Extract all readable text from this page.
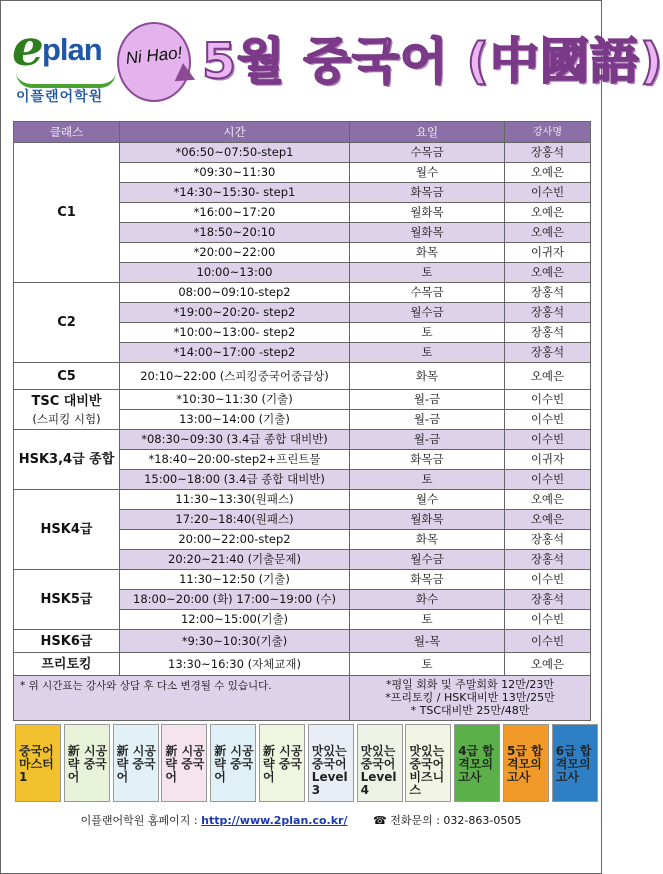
e
plan
이플랜어학원
Ni Hao! 5월 중국어 (中國語)
클래스	시간	요일	강사명
C1	*06:50~07:50-step1	수목금	장홍석
	*09:30~11:30	월수	오예은
	*14:30~15:30- step1	화목금	이수빈
	*16:00~17:20	월화목	오예은
	*18:50~20:10	월화목	오예은
	*20:00~22:00	화목	이귀자
	10:00~13:00	토	오예은
C2	08:00~09:10-step2	수목금	장홍석
	*19:00~20:20- step2	월수금	장홍석
	*10:00~13:00- step2	토	장홍석
	*14:00~17:00 -step2	토	장홍석
C5	20:10~22:00 (스피킹중국어중급상)	화목	오예은

TSC 대비반
(스피킹 시험)	*10:30~11:30 (기출)	월-금	이수빈
	13:00~14:00 (기출)	월-금	이수빈
HSK3,4급 종합	*08:30~09:30 (3.4급 종합 대비반)	월-금	이수빈
	*18:40~20:00-step2+프린트물	화목금	이귀자
	15:00~18:00 (3.4급 종합 대비반)	토	이수빈
HSK4급	11:30~13:30(원패스)	월수	오예은
	17:20~18:40(원패스)	월화목	오예은
	20:00~22:00-step2	화목	장홍석
	20:20~21:40 (기출문제)	월수금	장홍석
HSK5급	11:30~12:50 (기출)	화목금	이수빈
	18:00~20:00 (화) 17:00~19:00 (수)	화수	장홍석
	12:00~15:00(기출)	토	이수빈
HSK6급	*9:30~10:30(기출)	월-목	이수빈
프리토킹	13:30~16:30 (자체교재)	토	오예은
* 위 시간표는 강사와 상담 후 다소 변경될 수 있습니다.		*평일 회화 및 주말회화 12만/23만
*프리토킹 / HSK대비반 13만/25만
* TSC대비반 25만/48만	
중국어 마스터 1
新 시공략 중국어
新 시공략 중국어
新 시공략 중국어
新 시공략 중국어
新 시공략 중국어
맛있는 중국어 Level 3
맛있는 중국어 Level 4
맛있는 중국어 비즈니스
4급 합격모의고사
5급 합격모의고사
6급 합격모의고사
이플랜어학원 홈페이지 : http://www.2plan.co.kr/ ☎ 전화문의 : 032-863-0505
